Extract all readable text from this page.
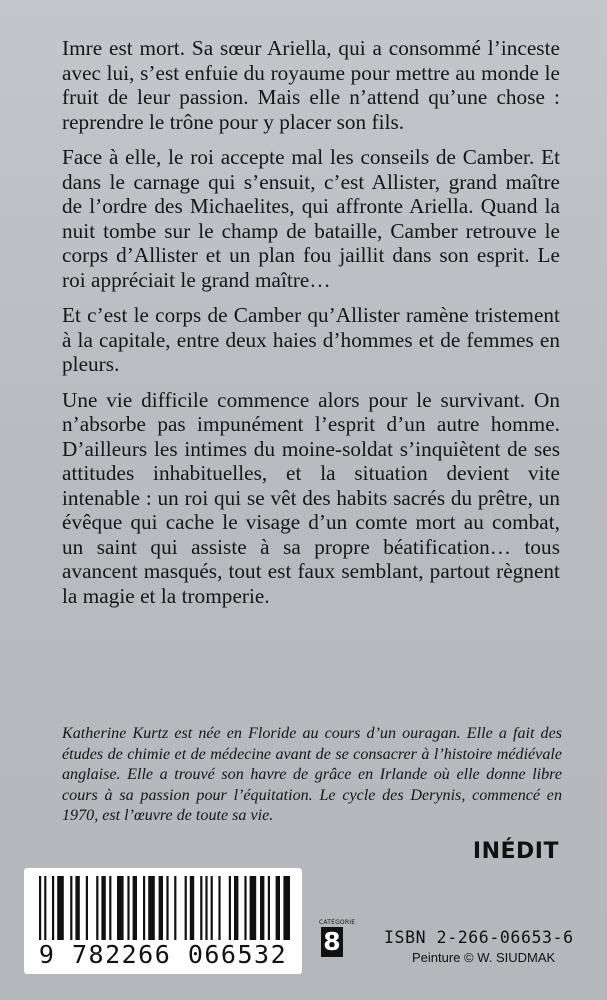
Imre est mort. Sa sœur Ariella, qui a consommé l’inceste avec lui, s’est enfuie du royaume pour mettre au monde le fruit de leur passion. Mais elle n’attend qu’une chose : reprendre le trône pour y placer son fils.

Face à elle, le roi accepte mal les conseils de Camber. Et dans le carnage qui s’ensuit, c’est Allister, grand maître de l’ordre des Michaelites, qui affronte Ariella. Quand la nuit tombe sur le champ de bataille, Camber retrouve le corps d’Allister et un plan fou jaillit dans son esprit. Le roi appréciait le grand maître…

Et c’est le corps de Camber qu’Allister ramène tristement à la capitale, entre deux haies d’hommes et de femmes en pleurs.

Une vie difficile commence alors pour le survivant. On n’absorbe pas impunément l’esprit d’un autre homme. D’ailleurs les intimes du moine-soldat s’inquiètent de ses attitudes inhabituelles, et la situation devient vite intenable : un roi qui se vêt des habits sacrés du prêtre, un évêque qui cache le visage d’un comte mort au combat, un saint qui assiste à sa propre béatification… tous avancent masqués, tout est faux semblant, partout règnent la magie et la tromperie.

Katherine Kurtz est née en Floride au cours d’un ouragan. Elle a fait des études de chimie et de médecine avant de se consacrer à l’histoire médiévale anglaise. Elle a trouvé son havre de grâce en Irlande où elle donne libre cours à sa passion pour l’équitation. Le cycle des Derynis, commencé en 1970, est l’œuvre de toute sa vie.

INÉDIT
9 782266 066532
CATÉGORIE
8	ISBN 2-266-06653-6
Peinture © W. SIUDMAK
